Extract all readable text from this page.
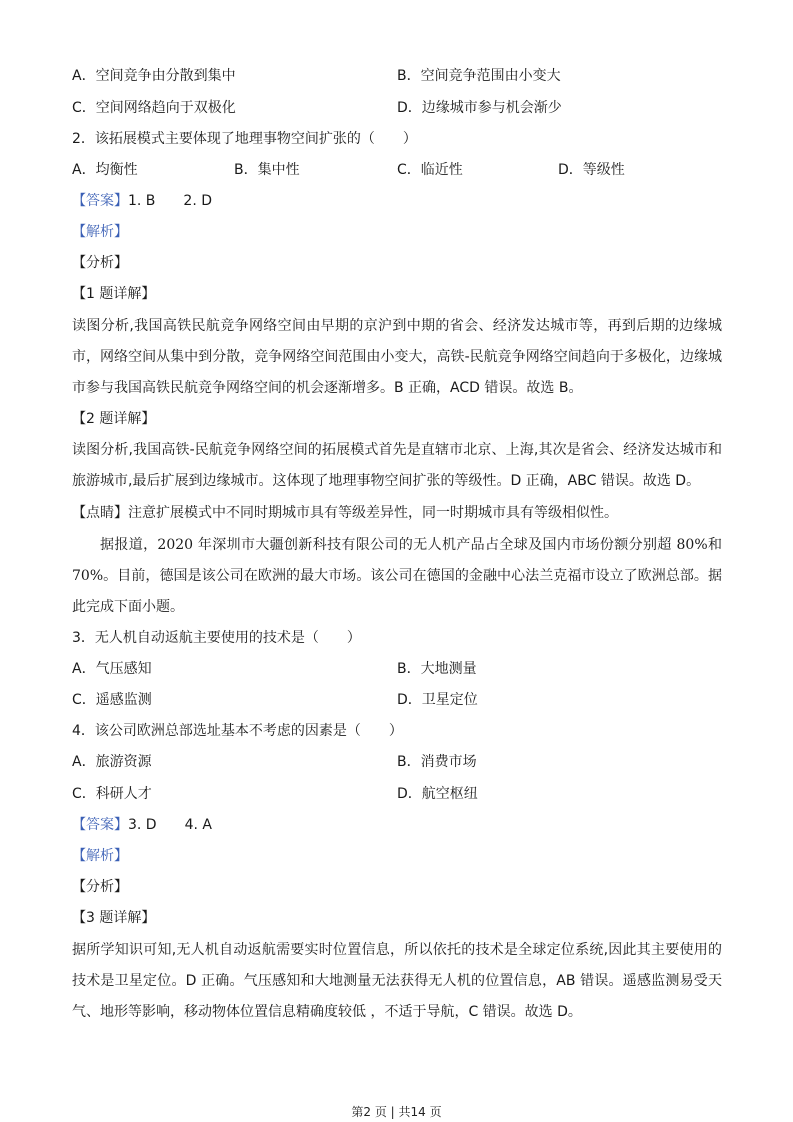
A．空间竞争由分散到集中	B．空间竞争范围由小变大
C．空间网络趋向于双极化	D．边缘城市参与机会渐少
2．该拓展模式主要体现了地理事物空间扩张的（　　）
A．均衡性	B．集中性	C．临近性	D．等级性
【答案】1. B　　2. D
【解析】
【分析】
【1 题详解】

读图分析,我国高铁民航竞争网络空间由早期的京沪到中期的省会、经济发达城市等，再到后期的边缘城市，网络空间从集中到分散，竞争网络空间范围由小变大，高铁-民航竞争网络空间趋向于多极化，边缘城市参与我国高铁民航竞争网络空间的机会逐渐增多。B 正确，ACD 错误。故选 B。

【2 题详解】

读图分析,我国高铁-民航竞争网络空间的拓展模式首先是直辖市北京、上海,其次是省会、经济发达城市和旅游城市,最后扩展到边缘城市。这体现了地理事物空间扩张的等级性。D 正确，ABC 错误。故选 D。

【点睛】注意扩展模式中不同时期城市具有等级差异性，同一时期城市具有等级相似性。

据报道，2020 年深圳市大疆创新科技有限公司的无人机产品占全球及国内市场份额分别超 80%和 70%。目前，德国是该公司在欧洲的最大市场。该公司在德国的金融中心法兰克福市设立了欧洲总部。据此完成下面小题。

3．无人机自动返航主要使用的技术是（　　）
A．气压感知	B．大地测量
C．遥感监测	D．卫星定位
4．该公司欧洲总部选址基本不考虑的因素是（　　）
A．旅游资源	B．消费市场
C．科研人才	D．航空枢纽
【答案】3. D　　4. A
【解析】
【分析】
【3 题详解】

据所学知识可知,无人机自动返航需要实时位置信息，所以依托的技术是全球定位系统,因此其主要使用的技术是卫星定位。D 正确。气压感知和大地测量无法获得无人机的位置信息，AB 错误。遥感监测易受天气、地形等影响，移动物体位置信息精确度较低 ，不适于导航，C 错误。故选 D。

第2 页 | 共14 页
